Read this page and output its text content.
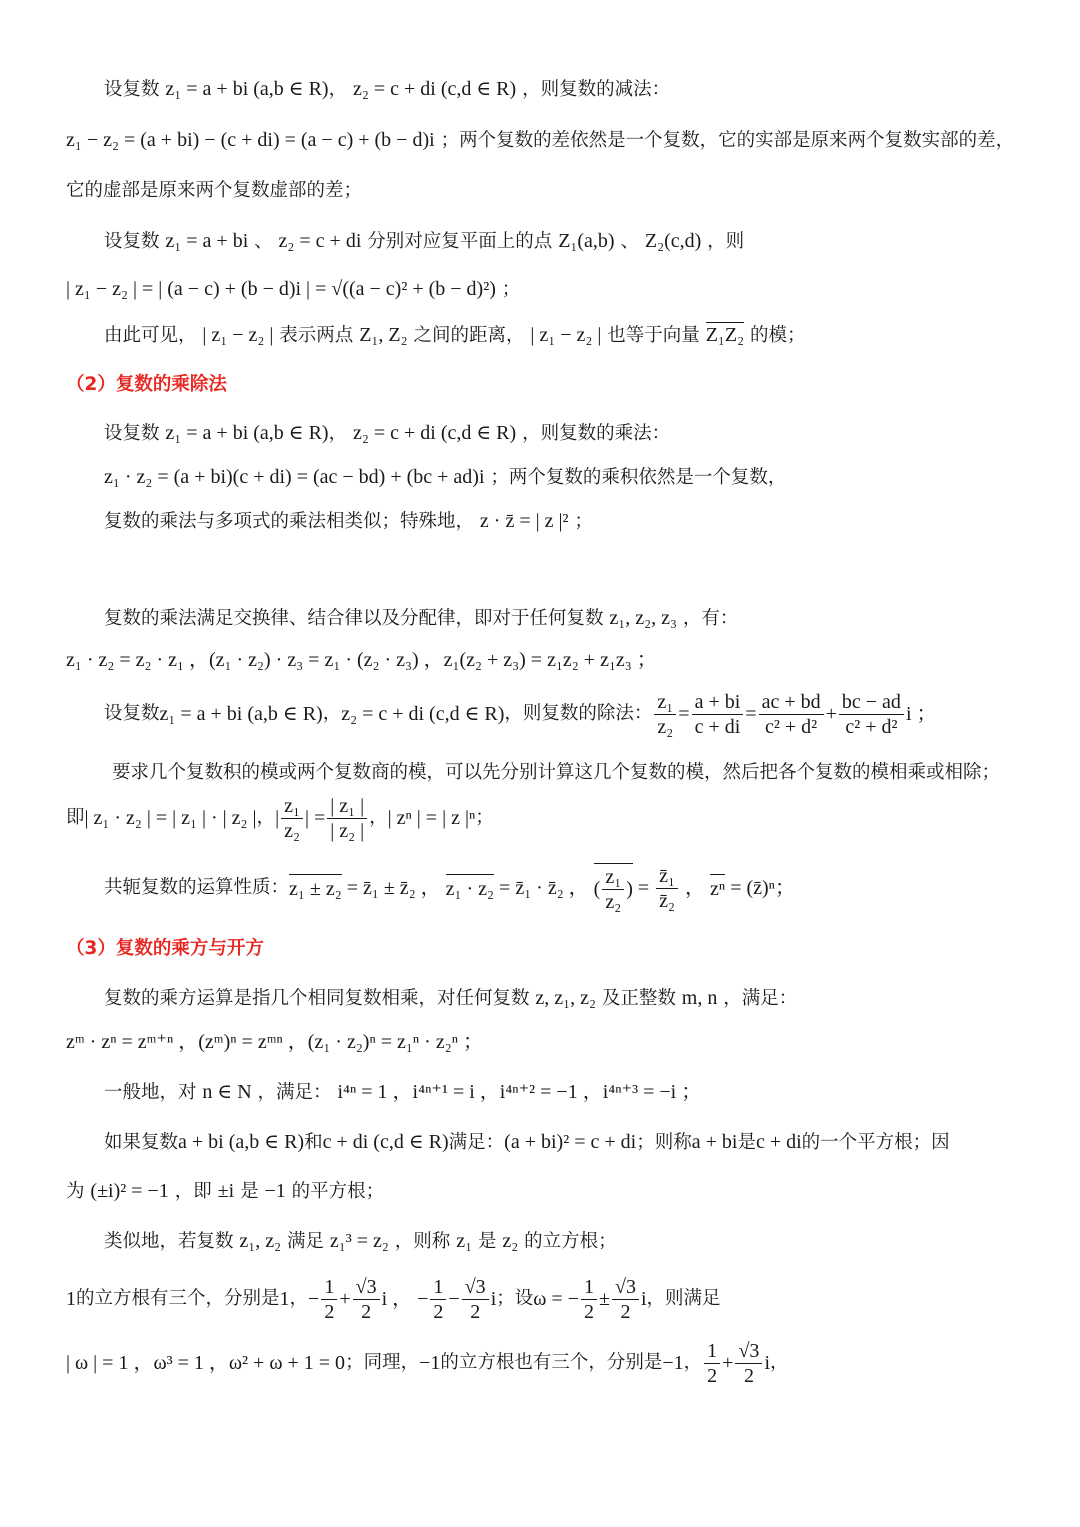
设复数 z₁ = a + bi (a,b ∈ R)， z₂ = c + di (c,d ∈ R) ，则复数的减法：
z₁ − z₂ = (a + bi) − (c + di) = (a − c) + (b − d)i ；两个复数的差依然是一个复数，它的实部是原来两个复数实部的差，
它的虚部是原来两个复数虚部的差；
设复数 z₁ = a + bi 、 z₂ = c + di 分别对应复平面上的点 Z₁(a,b) 、 Z₂(c,d) ，则
| z₁ − z₂ | = | (a − c) + (b − d)i | = √((a − c)² + (b − d)²) ；
由此可见， | z₁ − z₂ | 表示两点 Z₁, Z₂ 之间的距离， | z₁ − z₂ | 也等于向量 Z₁Z₂ 的模；
（2）复数的乘除法
设复数 z₁ = a + bi (a,b ∈ R)， z₂ = c + di (c,d ∈ R) ，则复数的乘法：
z₁ · z₂ = (a + bi)(c + di) = (ac − bd) + (bc + ad)i ；两个复数的乘积依然是一个复数，
复数的乘法与多项式的乘法相类似；特殊地， z · z̄ = | z |² ；
复数的乘法满足交换律、结合律以及分配律，即对于任何复数 z₁, z₂, z₃ ，有：
z₁ · z₂ = z₂ · z₁ ，(z₁ · z₂) · z₃ = z₁ · (z₂ · z₃) ，z₁(z₂ + z₃) = z₁z₂ + z₁z₃ ；
设复数 z₁ = a + bi (a,b ∈ R) ， z₂ = c + di (c,d ∈ R) ，则复数的除法： $\frac{\text{z₁}}{\text{z₂}} = \frac{a + bi}{c + di} = \frac{ac + bd}{\text{c² + d²}} + \frac{bc - ad}{\text{c² + d²}}$ i ；
要求几个复数积的模或两个复数商的模，可以先分别计算这几个复数的模，然后把各个复数的模相乘或相除；
即 | z₁ · z₂ | = | z₁ | · | z₂ | ， | $\frac{\text{z₁}}{\text{z₂}}$ | = $\frac{\text{| z₁ |}}{\text{| z₂ |}}$ ， | zⁿ | = | z |ⁿ ；
共轭复数的运算性质： z₁ ± z₂ = z̄₁ ± z̄₂ ， z₁ · z₂ = z̄₁ · z̄₂ ， ( $\frac{\text{z₁}}{\text{z₂}}$ ) = $\frac{\text{z̄₁}}{\text{z̄₂}}$ ， zⁿ = (z̄)ⁿ ；
（3）复数的乘方与开方
复数的乘方运算是指几个相同复数相乘，对任何复数 z, z₁, z₂ 及正整数 m, n ，满足：
zᵐ · zⁿ = zᵐ⁺ⁿ ，(zᵐ)ⁿ = zᵐⁿ ，(z₁ · z₂)ⁿ = z₁ⁿ · z₂ⁿ ；
一般地，对 n ∈ N ，满足： i⁴ⁿ = 1 ，i⁴ⁿ⁺¹ = i ，i⁴ⁿ⁺² = −1 ，i⁴ⁿ⁺³ = −i ；
如果复数a + bi (a,b ∈ R)和c + di (c,d ∈ R)满足：(a + bi)² = c + di；则称a + bi是c + di的一个平方根；因
为 (±i)² = −1 ，即 ±i 是 −1 的平方根；
类似地，若复数 z₁, z₂ 满足 z₁³ = z₂ ，则称 z₁ 是 z₂ 的立方根；
1 的立方根有三个，分别是 1 ， − $\frac{1}{2} + \frac{√3}{2}$ i ， − $\frac{1}{2} - \frac{√3}{2}$ i ；设 ω = − $\frac{1}{2} \pm \frac{√3}{2}$ i ，则满足
| ω | = 1 ，ω³ = 1 ，ω² + ω + 1 = 0 ；同理， −1 的立方根也有三个，分别是 −1 ， $\frac{1}{2} + \frac{√3}{2}$ i ，
